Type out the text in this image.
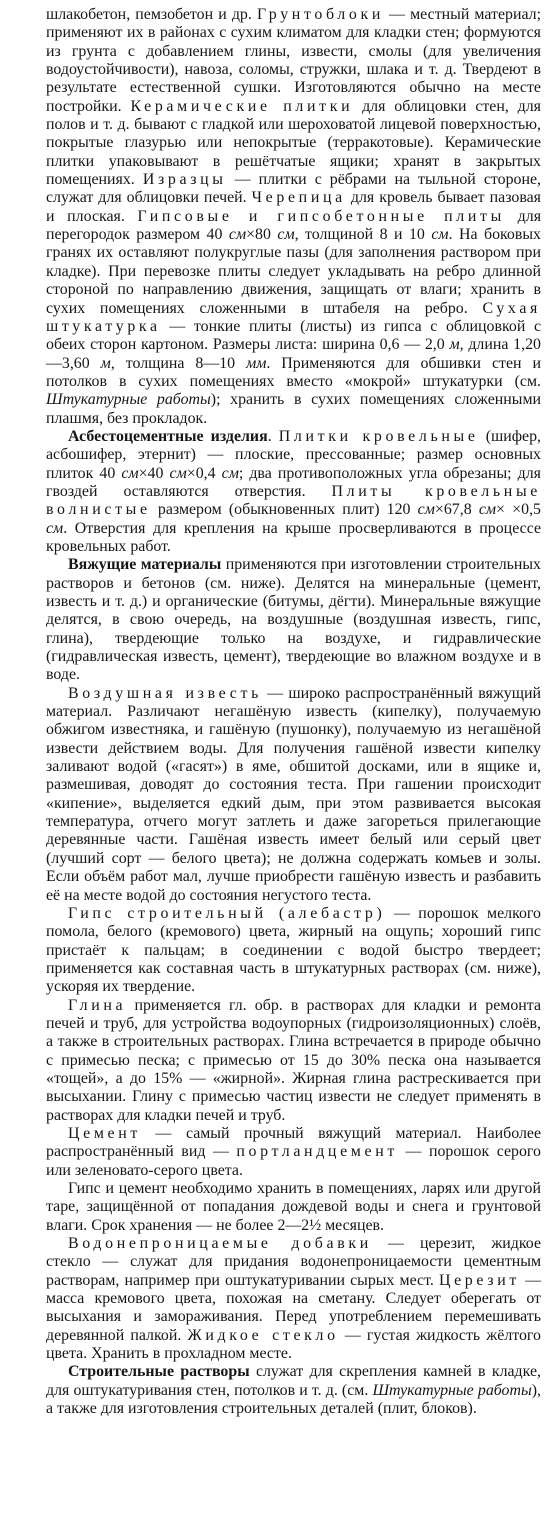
шлакобетон, пемзобетон и др. Грунтоблоки — местный материал; применяют их в районах с сухим климатом для кладки стен; формуются из грунта с добавлением глины, извести, смолы (для увеличения водоустойчивости), навоза, соломы, стружки, шлака и т. д. Твердеют в результате естественной сушки. Изготовляются обычно на месте постройки. Керамические плитки для облицовки стен, для полов и т. д. бывают с гладкой или шероховатой лицевой поверхностью, покрытые глазурью или непокрытые (терракотовые). Керамические плитки упаковывают в решётчатые ящики; хранят в закрытых помещениях. Изразцы — плитки с рёбрами на тыльной стороне, служат для облицовки печей. Черепица для кровель бывает пазовая и плоская. Гипсовые и гипсобетонные плиты для перегородок размером 40 см×80 см, толщиной 8 и 10 см. На боковых гранях их оставляют полукруглые пазы (для заполнения раствором при кладке). При перевозке плиты следует укладывать на ребро длинной стороной по направлению движения, защищать от влаги; хранить в сухих помещениях сложенными в штабеля на ребро. Сухая штукатурка — тонкие плиты (листы) из гипса с облицовкой с обеих сторон картоном. Размеры листа: ширина 0,6 — 2,0 м, длина 1,20—3,60 м, толщина 8—10 мм. Применяются для обшивки стен и потолков в сухих помещениях вместо «мокрой» штукатурки (см. Штукатурные работы); хранить в сухих помещениях сложенными плашмя, без прокладок.

Асбестоцементные изделия. Плитки кровельные (шифер, асбошифер, этернит) — плоские, прессованные; размер основных плиток 40 см×40 см×0,4 см; два противоположных угла обрезаны; для гвоздей оставляются отверстия. Плиты кровельные волнистые размером (обыкновенных плит) 120 см×67,8 см× ×0,5 см. Отверстия для крепления на крыше просверливаются в процессе кровельных работ.

Вяжущие материалы применяются при изготовлении строительных растворов и бетонов (см. ниже). Делятся на минеральные (цемент, известь и т. д.) и органические (битумы, дёгти). Минеральные вяжущие делятся, в свою очередь, на воздушные (воздушная известь, гипс, глина), твердеющие только на воздухе, и гидравлические (гидравлическая известь, цемент), твердеющие во влажном воздухе и в воде.

Воздушная известь — широко распространённый вяжущий материал. Различают негашёную известь (кипелку), получаемую обжигом известняка, и гашёную (пушонку), получаемую из негашёной извести действием воды. Для получения гашёной извести кипелку заливают водой («гасят») в яме, обшитой досками, или в ящике и, размешивая, доводят до состояния теста. При гашении происходит «кипение», выделяется едкий дым, при этом развивается высокая температура, отчего могут затлеть и даже загореться прилегающие деревянные части. Гашёная известь имеет белый или серый цвет (лучший сорт — белого цвета); не должна содержать комьев и золы. Если объём работ мал, лучше приобрести гашёную известь и разбавить её на месте водой до состояния негустого теста.

Гипс строительный (алебастр) — порошок мелкого помола, белого (кремового) цвета, жирный на ощупь; хороший гипс пристаёт к пальцам; в соединении с водой быстро твердеет; применяется как составная часть в штукатурных растворах (см. ниже), ускоряя их твердение.

Глина применяется гл. обр. в растворах для кладки и ремонта печей и труб, для устройства водоупорных (гидроизоляционных) слоёв, а также в строительных растворах. Глина встречается в природе обычно с примесью песка; с примесью от 15 до 30% песка она называется «тощей», а до 15% — «жирной». Жирная глина растрескивается при высыхании. Глину с примесью частиц извести не следует применять в растворах для кладки печей и труб.

Цемент — самый прочный вяжущий материал. Наиболее распространённый вид — портландцемент — порошок серого или зеленовато-серого цвета.

Гипс и цемент необходимо хранить в помещениях, ларях или другой таре, защищённой от попадания дождевой воды и снега и грунтовой влаги. Срок хранения — не более 2—2½ месяцев.

Водонепроницаемые добавки — церезит, жидкое стекло — служат для придания водонепроницаемости цементным растворам, например при оштукатуривании сырых мест. Церезит — масса кремового цвета, похожая на сметану. Следует оберегать от высыхания и замораживания. Перед употреблением перемешивать деревянной палкой. Жидкое стекло — густая жидкость жёлтого цвета. Хранить в прохладном месте.

Строительные растворы служат для скрепления камней в кладке, для оштукатуривания стен, потолков и т. д. (см. Штукатурные работы), а также для изготовления строительных деталей (плит, блоков).
